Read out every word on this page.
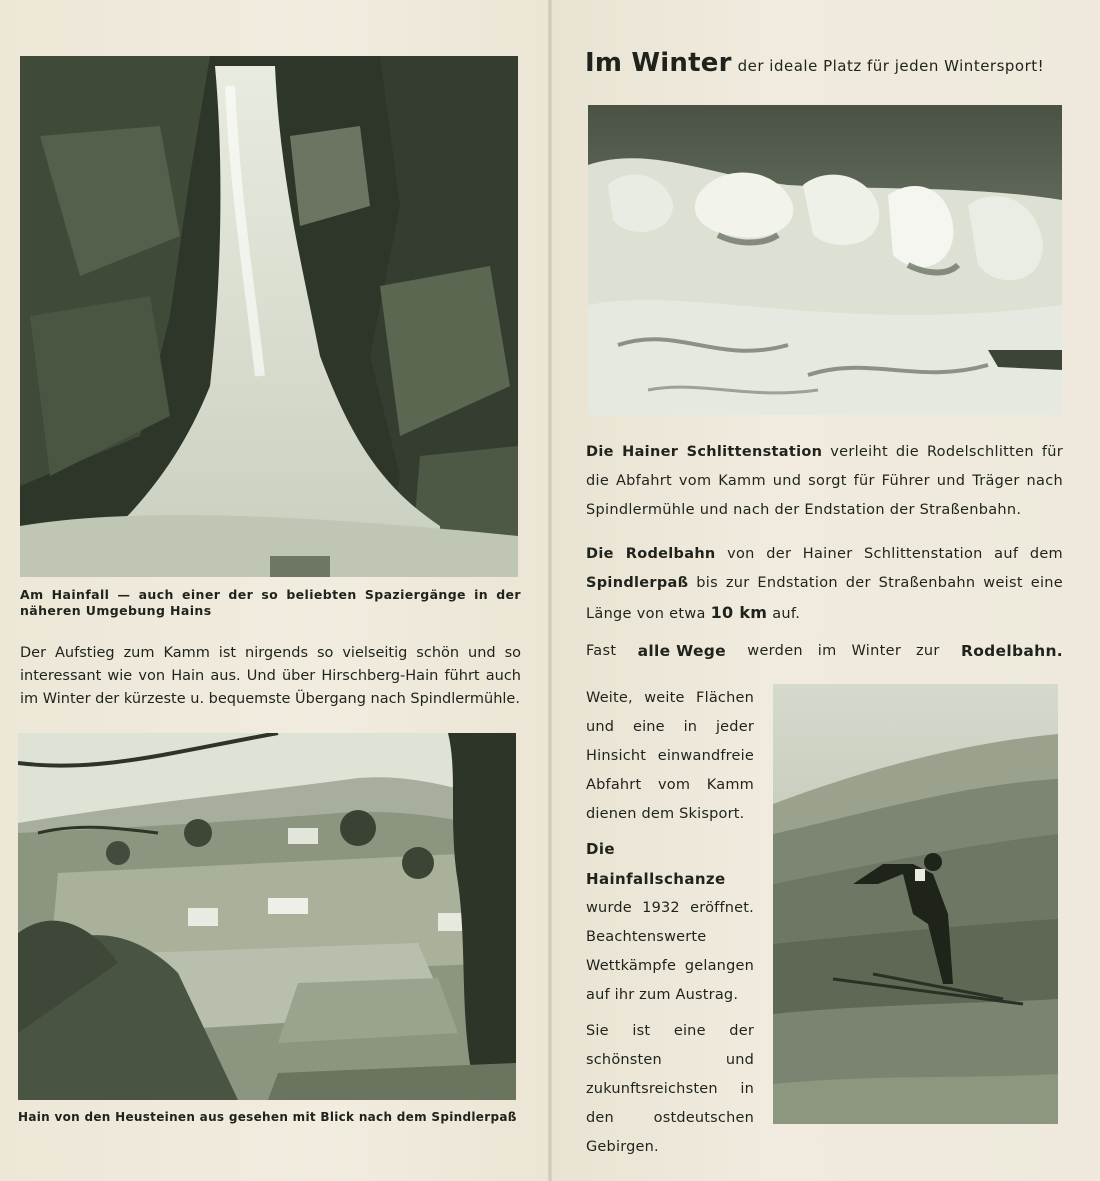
Am Hainfall — auch einer der so beliebten Spaziergänge in der näheren Umgebung Hains
Der Aufstieg zum Kamm ist nirgends so vielseitig schön und so interessant wie von Hain aus. Und über Hirschberg-Hain führt auch im Winter der kürzeste u. bequemste Übergang nach Spindlermühle.
Hain von den Heusteinen aus gesehen mit Blick nach dem Spindlerpaß
Im Winter der ideale Platz für jeden Wintersport!
Die Hainer Schlittenstation verleiht die Rodelschlitten für die Abfahrt vom Kamm und sorgt für Führer und Träger nach Spindlermühle und nach der Endstation der Straßenbahn.
Die Rodelbahn von der Hainer Schlittenstation auf dem Spindlerpaß bis zur Endstation der Straßenbahn weist eine Länge von etwa 10 km auf.
Fast alle Wege werden im Winter zur Rodelbahn.
Weite, weite Flächen und eine in jeder Hinsicht einwandfreie Abfahrt vom Kamm dienen dem Skisport.
Die Hainfallschanze
wurde 1932 eröffnet. Beachtenswerte Wettkämpfe gelangen auf ihr zum Austrag.
Sie ist eine der schönsten und zukunftsreichsten in den ostdeutschen Gebirgen.
